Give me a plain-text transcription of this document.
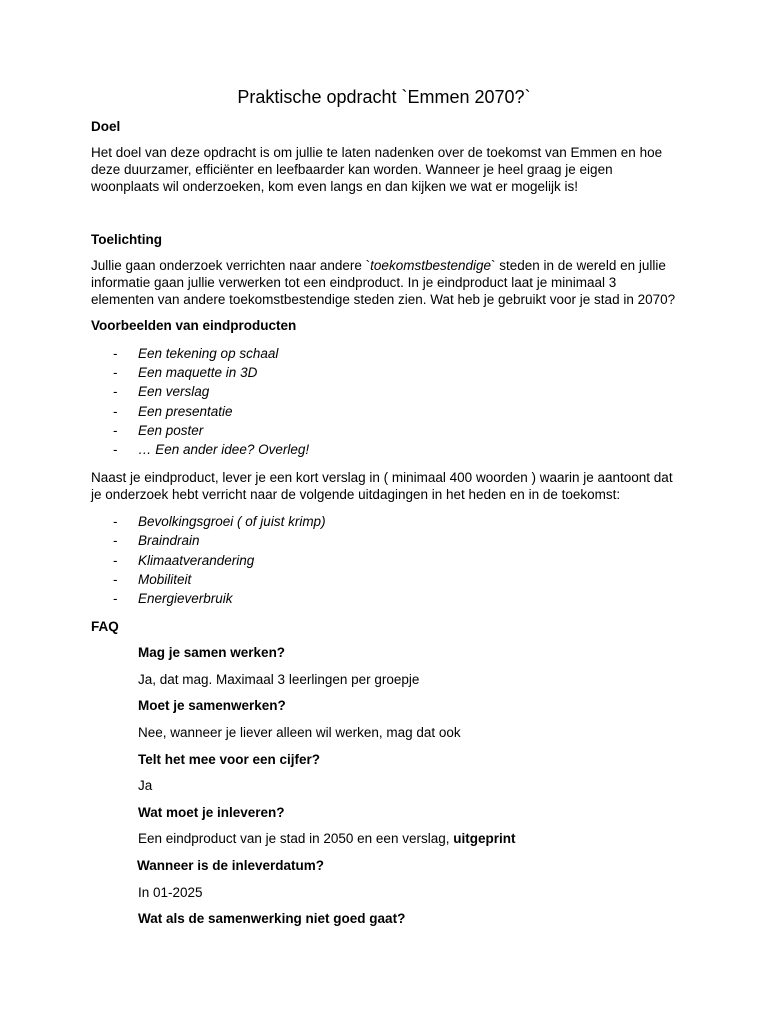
Praktische opdracht `Emmen 2070?`
Doel

Het doel van deze opdracht is om jullie te laten nadenken over de toekomst van Emmen en hoe deze duurzamer, efficiënter en leefbaarder kan worden. Wanneer je heel graag je eigen woonplaats wil onderzoeken, kom even langs en dan kijken we wat er mogelijk is!

Toelichting

Jullie gaan onderzoek verrichten naar andere `toekomstbestendige` steden in de wereld en jullie informatie gaan jullie verwerken tot een eindproduct. In je eindproduct laat je minimaal 3 elementen van andere toekomstbestendige steden zien. Wat heb je gebruikt voor je stad in 2070?

Voorbeelden van eindproducten
- Een tekening op schaal
- Een maquette in 3D
- Een verslag
- Een presentatie
- Een poster
- … Een ander idee? Overleg!

Naast je eindproduct, lever je een kort verslag in ( minimaal 400 woorden ) waarin je aantoont dat je onderzoek hebt verricht naar de volgende uitdagingen in het heden en in de toekomst:

- Bevolkingsgroei ( of juist krimp)
- Braindrain
- Klimaatverandering
- Mobiliteit
- Energieverbruik
FAQ
Mag je samen werken?
Ja, dat mag. Maximaal 3 leerlingen per groepje
Moet je samenwerken?
Nee, wanneer je liever alleen wil werken, mag dat ook
Telt het mee voor een cijfer?
Ja
Wat moet je inleveren?
Een eindproduct van je stad in 2050 en een verslag, uitgeprint
Wanneer is de inleverdatum?
In 01-2025
Wat als de samenwerking niet goed gaat?
